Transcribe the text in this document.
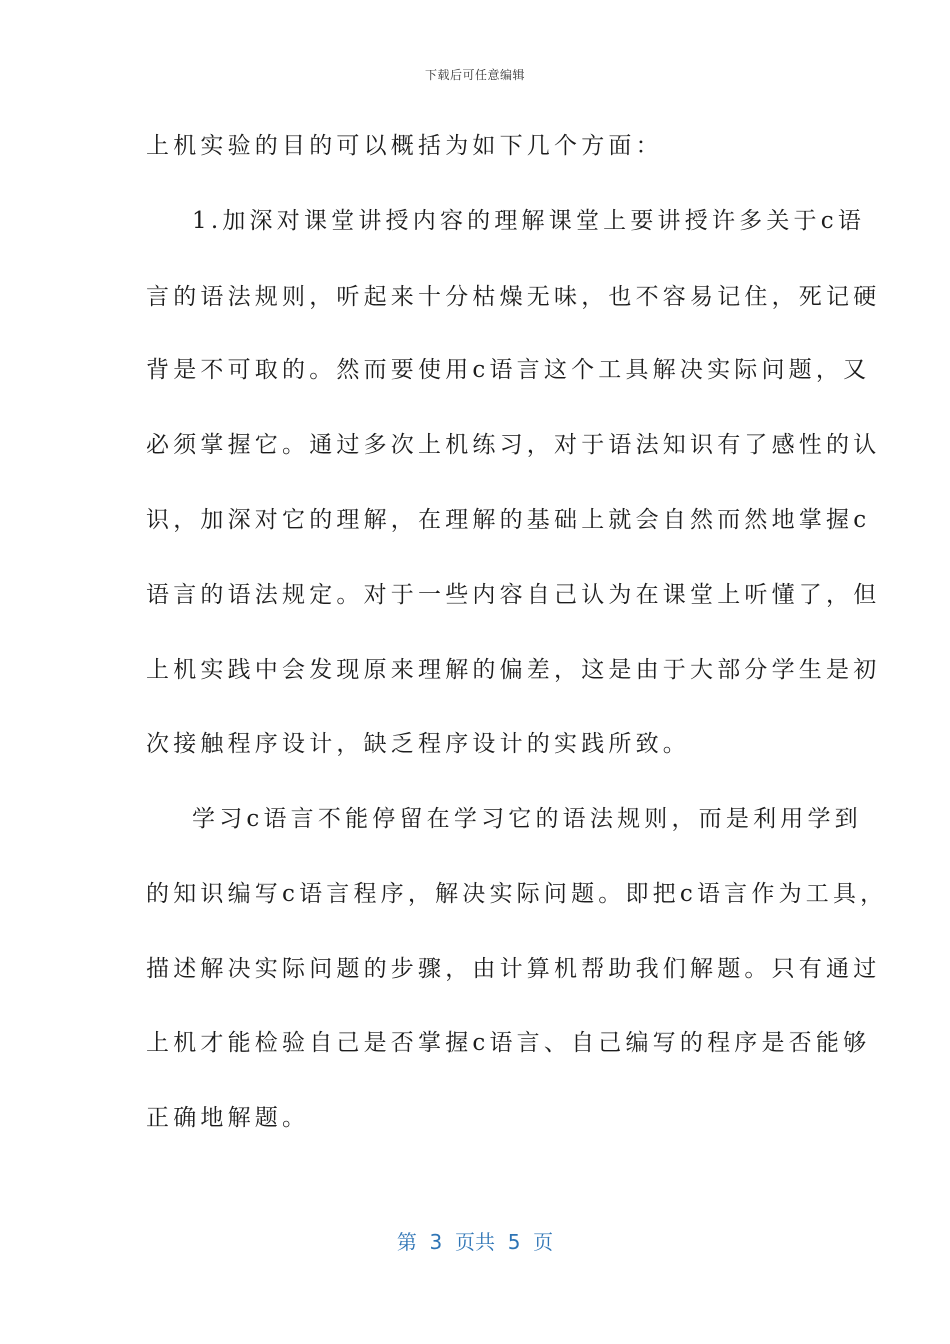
下载后可任意编辑
上机实验的目的可以概括为如下几个方面：
1.加深对课堂讲授内容的理解课堂上要讲授许多关于c语
言的语法规则，听起来十分枯燥无味，也不容易记住，死记硬
背是不可取的。然而要使用c语言这个工具解决实际问题，又
必须掌握它。通过多次上机练习，对于语法知识有了感性的认
识，加深对它的理解，在理解的基础上就会自然而然地掌握c
语言的语法规定。对于一些内容自己认为在课堂上听懂了，但
上机实践中会发现原来理解的偏差，这是由于大部分学生是初
次接触程序设计，缺乏程序设计的实践所致。
学习c语言不能停留在学习它的语法规则，而是利用学到
的知识编写c语言程序，解决实际问题。即把c语言作为工具，
描述解决实际问题的步骤，由计算机帮助我们解题。只有通过
上机才能检验自己是否掌握c语言、自己编写的程序是否能够
正确地解题。
第  3  页共  5  页
